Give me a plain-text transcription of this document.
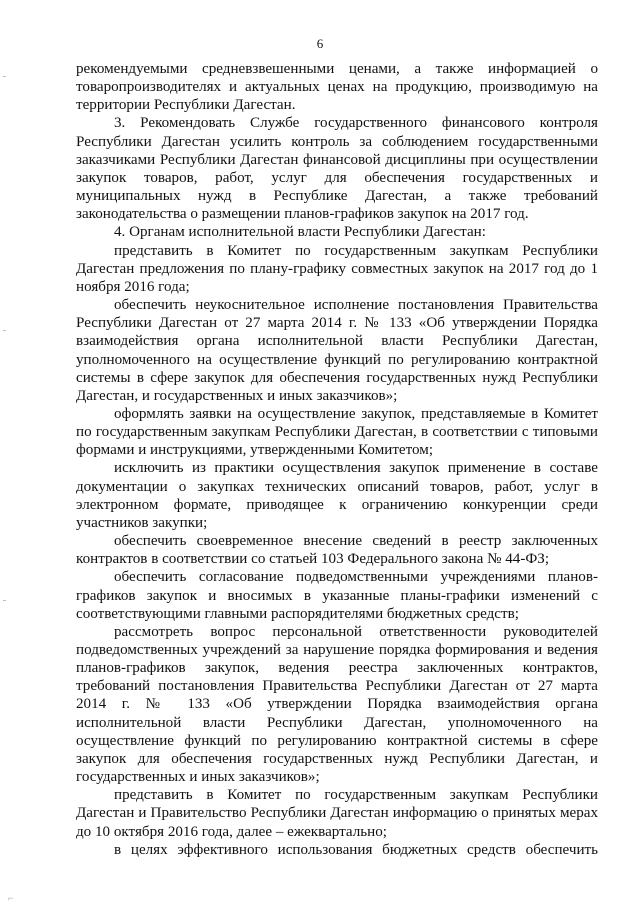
6

рекомендуемыми средневзвешенными ценами, а также информацией о товаропроизводителях и актуальных ценах на продукцию, производимую на территории Республики Дагестан.

3. Рекомендовать Службе государственного финансового контроля Республики Дагестан усилить контроль за соблюдением государственными заказчиками Республики Дагестан финансовой дисциплины при осуществлении закупок товаров, работ, услуг для обеспечения государственных и муниципальных нужд в Республике Дагестан, а также требований законодательства о размещении планов-графиков закупок на 2017 год.

4. Органам исполнительной власти Республики Дагестан:

представить в Комитет по государственным закупкам Республики Дагестан предложения по плану-графику совместных закупок на 2017 год до 1 ноября 2016 года;

обеспечить неукоснительное исполнение постановления Правительства Республики Дагестан от 27 марта 2014 г. № 133 «Об утверждении Порядка взаимодействия органа исполнительной власти Республики Дагестан, уполномоченного на осуществление функций по регулированию контрактной системы в сфере закупок для обеспечения государственных нужд Республики Дагестан, и государственных и иных заказчиков»;

оформлять заявки на осуществление закупок, представляемые в Комитет по государственным закупкам Республики Дагестан, в соответствии с типовыми формами и инструкциями, утвержденными Комитетом;

исключить из практики осуществления закупок применение в составе документации о закупках технических описаний товаров, работ, услуг в электронном формате, приводящее к ограничению конкуренции среди участников закупки;

обеспечить своевременное внесение сведений в реестр заключенных контрактов в соответствии со статьей 103 Федерального закона № 44-ФЗ;

обеспечить согласование подведомственными учреждениями планов-графиков закупок и вносимых в указанные планы-графики изменений с соответствующими главными распорядителями бюджетных средств;

рассмотреть вопрос персональной ответственности руководителей подведомственных учреждений за нарушение порядка формирования и ведения планов-графиков закупок, ведения реестра заключенных контрактов, требований постановления Правительства Республики Дагестан от 27 марта 2014 г. № 133 «Об утверждении Порядка взаимодействия органа исполнительной власти Республики Дагестан, уполномоченного на осуществление функций по регулированию контрактной системы в сфере закупок для обеспечения государственных нужд Республики Дагестан, и государственных и иных заказчиков»;

представить в Комитет по государственным закупкам Республики Дагестан и Правительство Республики Дагестан информацию о принятых мерах до 10 октября 2016 года, далее – ежеквартально;

в целях эффективного использования бюджетных средств обеспечить

⌐
